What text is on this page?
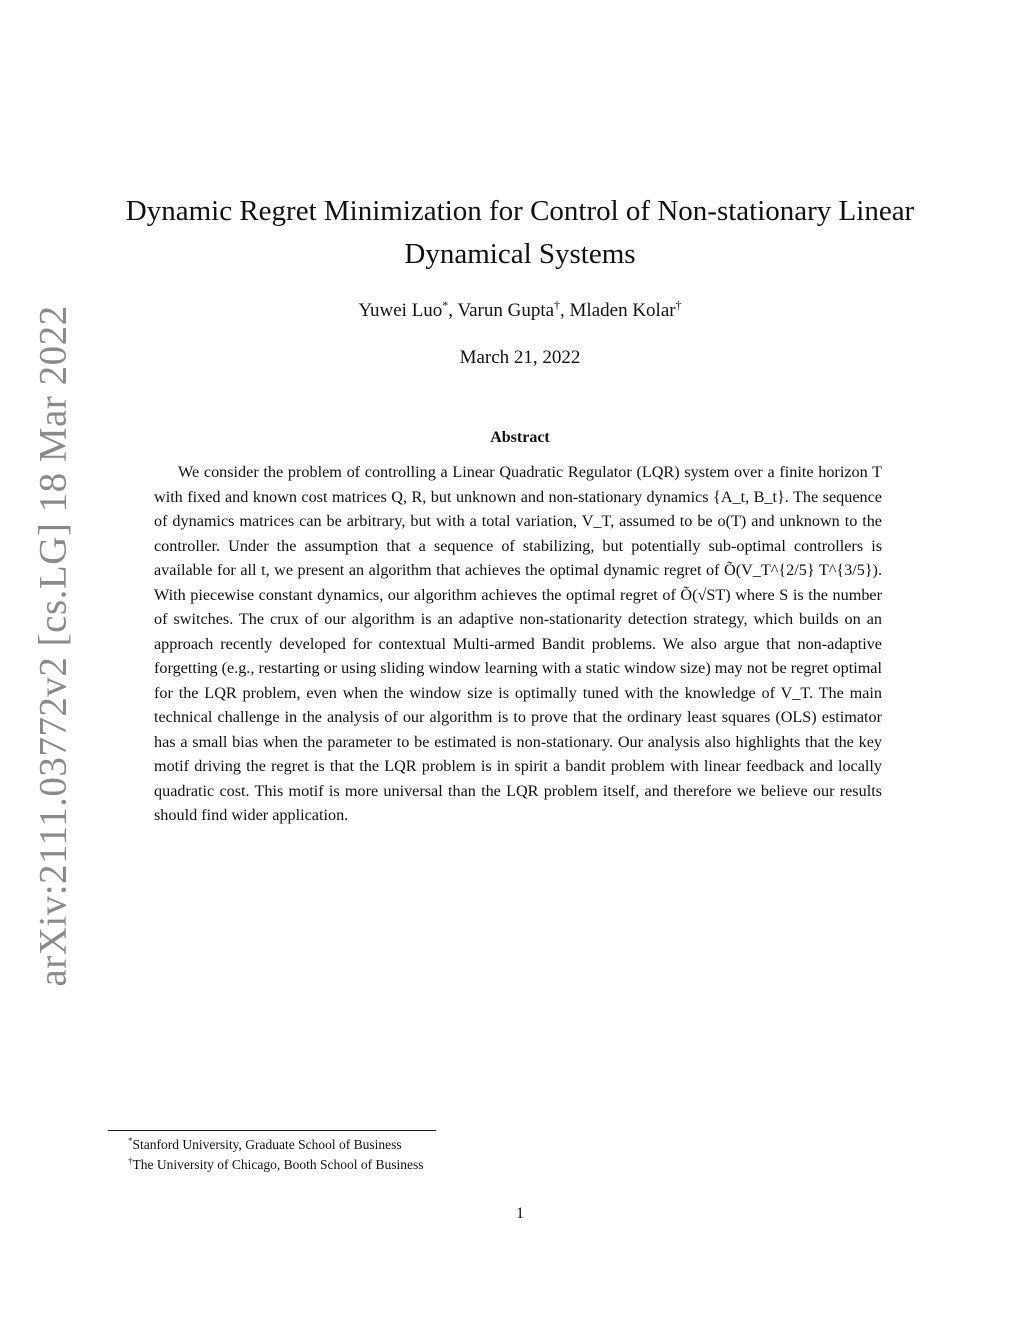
arXiv:2111.03772v2 [cs.LG] 18 Mar 2022
Dynamic Regret Minimization for Control of Non-stationary Linear Dynamical Systems
Yuwei Luo*, Varun Gupta†, Mladen Kolar†
March 21, 2022
Abstract

We consider the problem of controlling a Linear Quadratic Regulator (LQR) system over a finite horizon T with fixed and known cost matrices Q, R, but unknown and non-stationary dynamics {A_t, B_t}. The sequence of dynamics matrices can be arbitrary, but with a total variation, V_T, assumed to be o(T) and unknown to the controller. Under the assumption that a sequence of stabilizing, but potentially sub-optimal controllers is available for all t, we present an algorithm that achieves the optimal dynamic regret of Õ(V_T^{2/5} T^{3/5}). With piecewise constant dynamics, our algorithm achieves the optimal regret of Õ(√ST) where S is the number of switches. The crux of our algorithm is an adaptive non-stationarity detection strategy, which builds on an approach recently developed for contextual Multi-armed Bandit problems. We also argue that non-adaptive forgetting (e.g., restarting or using sliding window learning with a static window size) may not be regret optimal for the LQR problem, even when the window size is optimally tuned with the knowledge of V_T. The main technical challenge in the analysis of our algorithm is to prove that the ordinary least squares (OLS) estimator has a small bias when the parameter to be estimated is non-stationary. Our analysis also highlights that the key motif driving the regret is that the LQR problem is in spirit a bandit problem with linear feedback and locally quadratic cost. This motif is more universal than the LQR problem itself, and therefore we believe our results should find wider application.

*Stanford University, Graduate School of Business
†The University of Chicago, Booth School of Business
1
